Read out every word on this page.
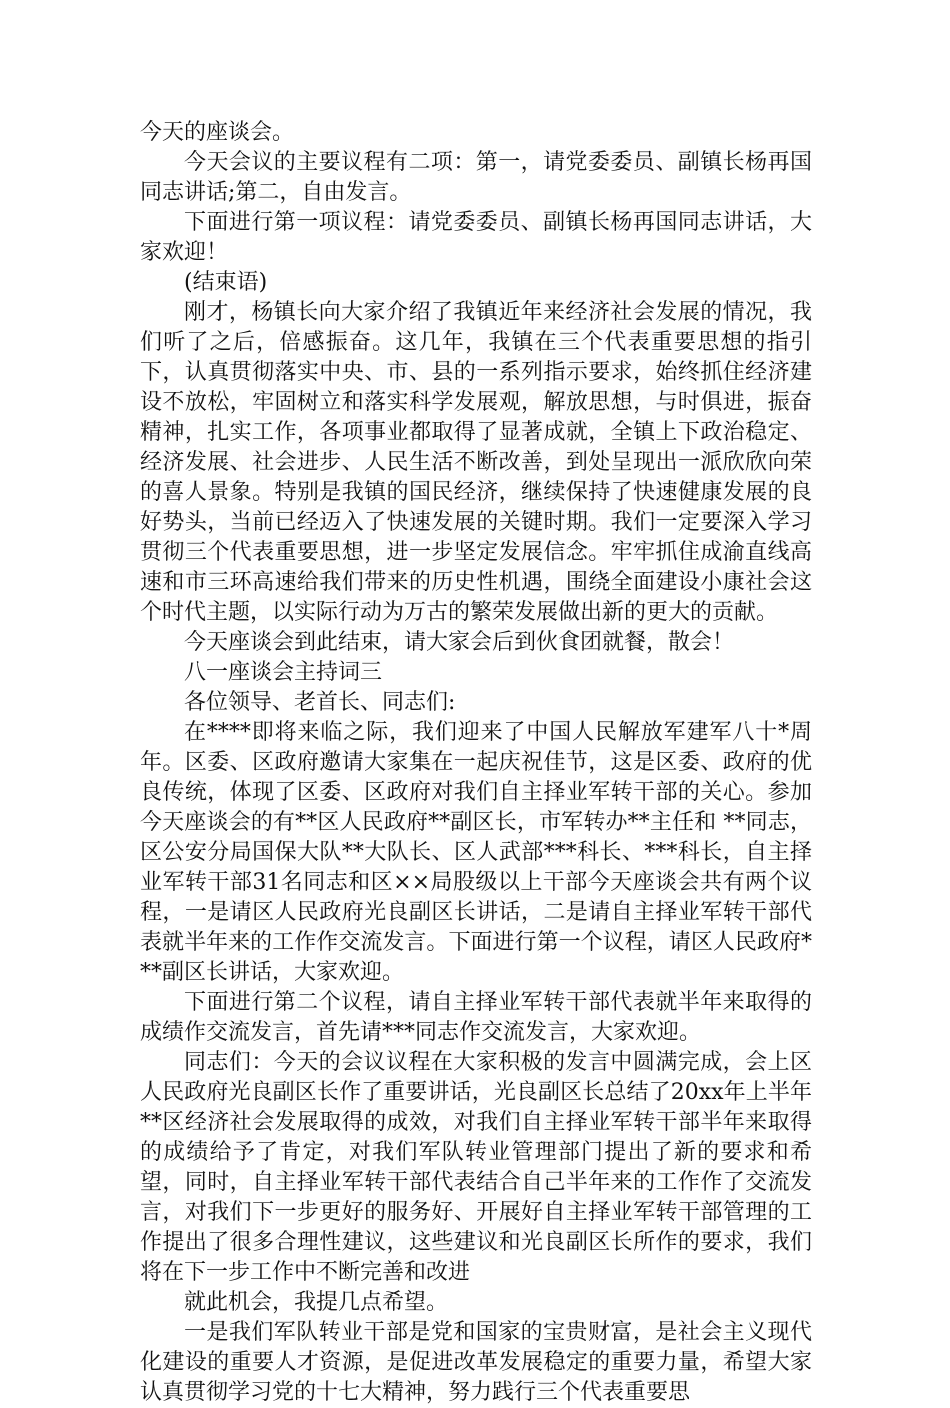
今天的座谈会。

今天会议的主要议程有二项：第一，请党委委员、副镇长杨再国同志讲话;第二，自由发言。

下面进行第一项议程：请党委委员、副镇长杨再国同志讲话，大家欢迎！

(结束语)

刚才，杨镇长向大家介绍了我镇近年来经济社会发展的情况，我们听了之后，倍感振奋。这几年，我镇在三个代表重要思想的指引下，认真贯彻落实中央、市、县的一系列指示要求，始终抓住经济建设不放松，牢固树立和落实科学发展观，解放思想，与时俱进，振奋精神，扎实工作，各项事业都取得了显著成就，全镇上下政治稳定、经济发展、社会进步、人民生活不断改善，到处呈现出一派欣欣向荣的喜人景象。特别是我镇的国民经济，继续保持了快速健康发展的良好势头，当前已经迈入了快速发展的关键时期。我们一定要深入学习贯彻三个代表重要思想，进一步坚定发展信念。牢牢抓住成渝直线高速和市三环高速给我们带来的历史性机遇，围绕全面建设小康社会这个时代主题，以实际行动为万古的繁荣发展做出新的更大的贡献。

今天座谈会到此结束，请大家会后到伙食团就餐，散会！

八一座谈会主持词三

各位领导、老首长、同志们:

在****即将来临之际，我们迎来了中国人民解放军建军八十*周年。区委、区政府邀请大家集在一起庆祝佳节，这是区委、政府的优良传统，体现了区委、区政府对我们自主择业军转干部的关心。参加今天座谈会的有**区人民政府**副区长，市军转办**主任和 **同志，区公安分局国保大队**大队长、区人武部***科长、***科长，自主择业军转干部31名同志和区××局股级以上干部今天座谈会共有两个议程，一是请区人民政府光良副区长讲话，二是请自主择业军转干部代表就半年来的工作作交流发言。下面进行第一个议程，请区人民政府***副区长讲话，大家欢迎。

下面进行第二个议程，请自主择业军转干部代表就半年来取得的成绩作交流发言，首先请***同志作交流发言，大家欢迎。

同志们：今天的会议议程在大家积极的发言中圆满完成，会上区人民政府光良副区长作了重要讲话，光良副区长总结了20xx年上半年**区经济社会发展取得的成效，对我们自主择业军转干部半年来取得的成绩给予了肯定，对我们军队转业管理部门提出了新的要求和希望，同时，自主择业军转干部代表结合自己半年来的工作作了交流发言，对我们下一步更好的服务好、开展好自主择业军转干部管理的工作提出了很多合理性建议，这些建议和光良副区长所作的要求，我们将在下一步工作中不断完善和改进

就此机会，我提几点希望。

一是我们军队转业干部是党和国家的宝贵财富，是社会主义现代化建设的重要人才资源，是促进改革发展稳定的重要力量，希望大家认真贯彻学习党的十七大精神，努力践行三个代表重要思
